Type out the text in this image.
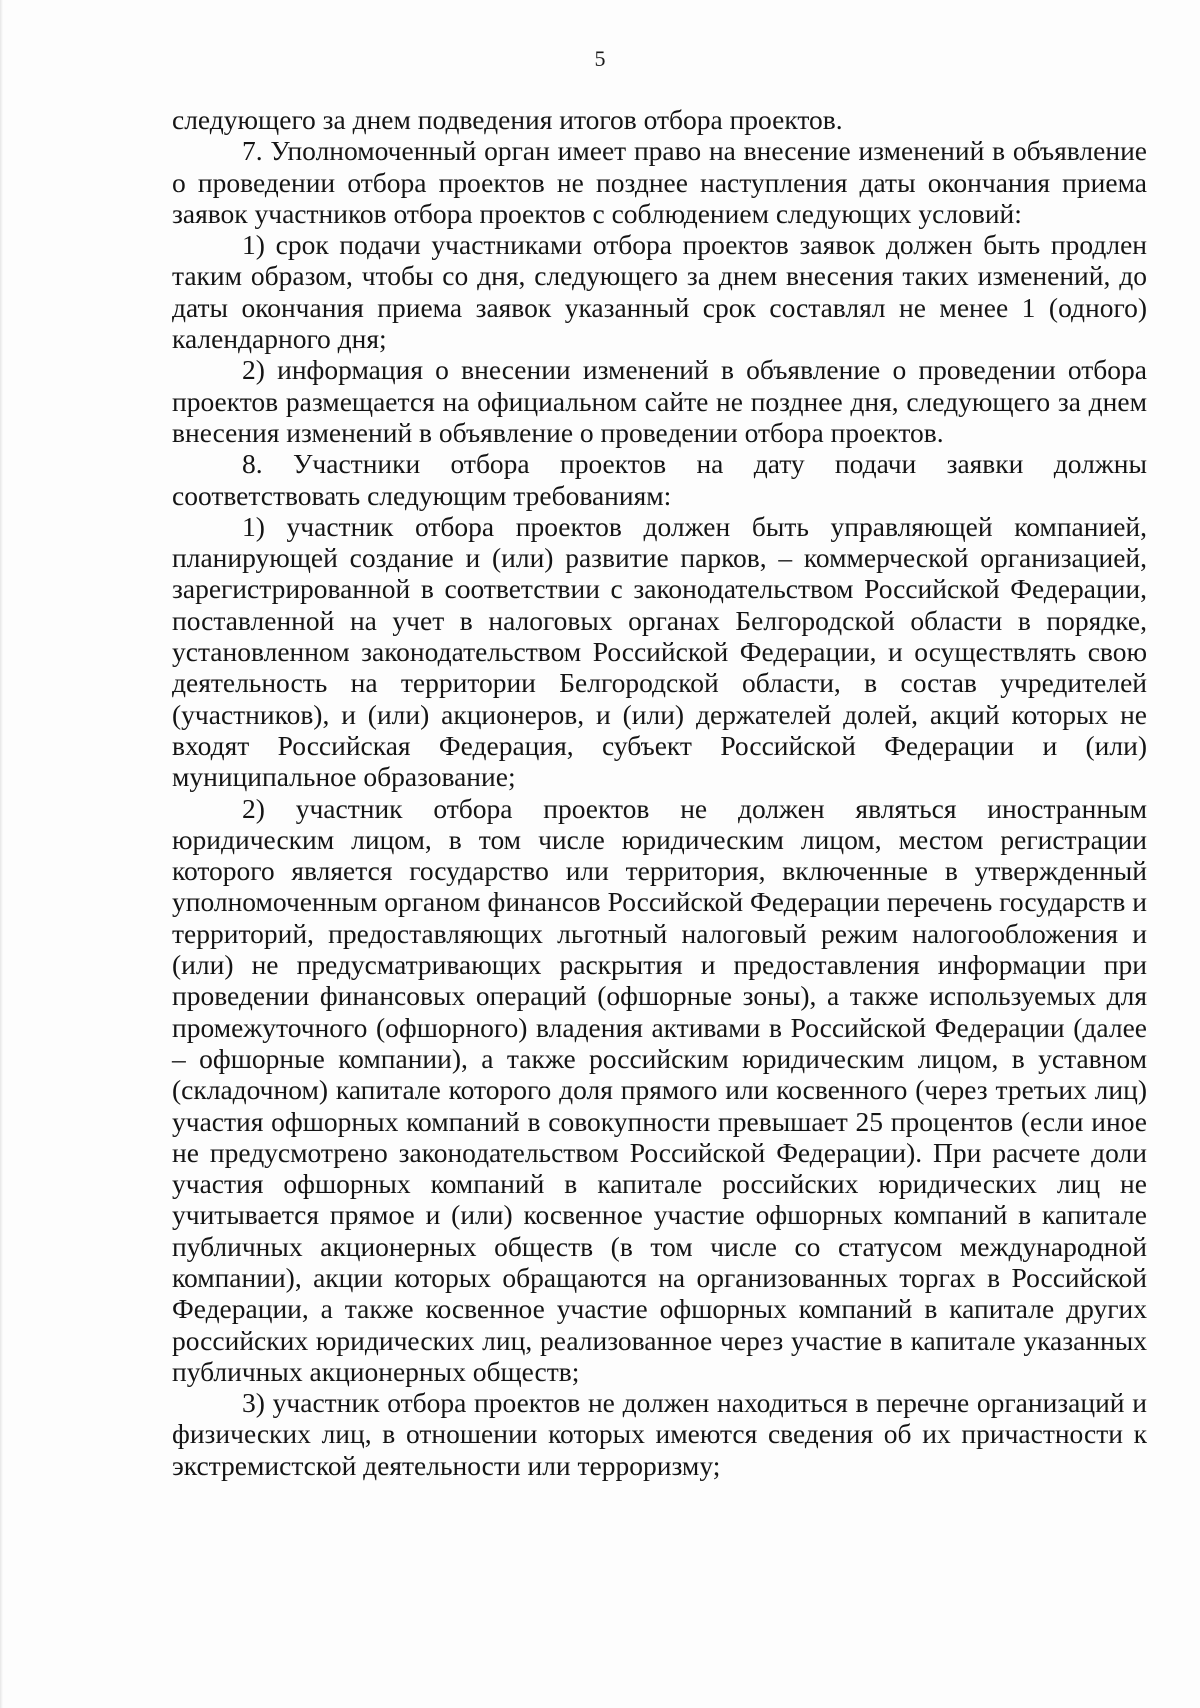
5

следующего за днем подведения итогов отбора проектов.

7. Уполномоченный орган имеет право на внесение изменений в объявление о проведении отбора проектов не позднее наступления даты окончания приема заявок участников отбора проектов с соблюдением следующих условий:

1) срок подачи участниками отбора проектов заявок должен быть продлен таким образом, чтобы со дня, следующего за днем внесения таких изменений, до даты окончания приема заявок указанный срок составлял не менее 1 (одного) календарного дня;

2) информация о внесении изменений в объявление о проведении отбора проектов размещается на официальном сайте не позднее дня, следующего за днем внесения изменений в объявление о проведении отбора проектов.

8. Участники отбора проектов на дату подачи заявки должны соответствовать следующим требованиям:

1) участник отбора проектов должен быть управляющей компанией, планирующей создание и (или) развитие парков, – коммерческой организацией, зарегистрированной в соответствии с законодательством Российской Федерации, поставленной на учет в налоговых органах Белгородской области в порядке, установленном законодательством Российской Федерации, и осуществлять свою деятельность на территории Белгородской области, в состав учредителей (участников), и (или) акционеров, и (или) держателей долей, акций которых не входят Российская Федерация, субъект Российской Федерации и (или) муниципальное образование;

2) участник отбора проектов не должен являться иностранным юридическим лицом, в том числе юридическим лицом, местом регистрации которого является государство или территория, включенные в утвержденный уполномоченным органом финансов Российской Федерации перечень государств и территорий, предоставляющих льготный налоговый режим налогообложения и (или) не предусматривающих раскрытия и предоставления информации при проведении финансовых операций (офшорные зоны), а также используемых для промежуточного (офшорного) владения активами в Российской Федерации (далее – офшорные компании), а также российским юридическим лицом, в уставном (складочном) капитале которого доля прямого или косвенного (через третьих лиц) участия офшорных компаний в совокупности превышает 25 процентов (если иное не предусмотрено законодательством Российской Федерации). При расчете доли участия офшорных компаний в капитале российских юридических лиц не учитывается прямое и (или) косвенное участие офшорных компаний в капитале публичных акционерных обществ (в том числе со статусом международной компании), акции которых обращаются на организованных торгах в Российской Федерации, а также косвенное участие офшорных компаний в капитале других российских юридических лиц, реализованное через участие в капитале указанных публичных акционерных обществ;

3) участник отбора проектов не должен находиться в перечне организаций и физических лиц, в отношении которых имеются сведения об их причастности к экстремистской деятельности или терроризму;
